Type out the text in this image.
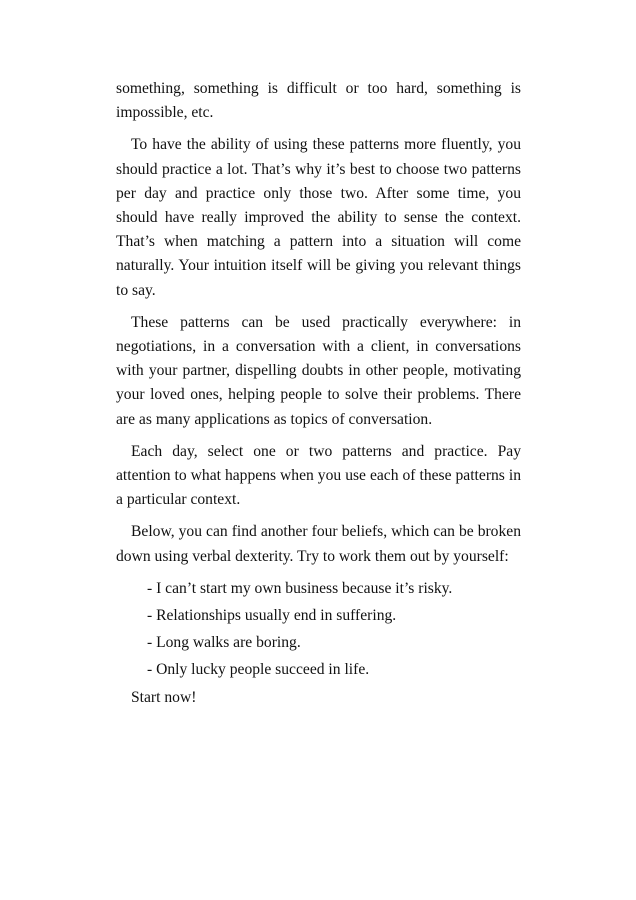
something, something is difficult or too hard, something is impossible, etc.

To have the ability of using these patterns more fluently, you should practice a lot. That’s why it’s best to choose two patterns per day and practice only those two. After some time, you should have really improved the ability to sense the context. That’s when matching a pattern into a situation will come naturally. Your intuition itself will be giving you relevant things to say.

These patterns can be used practically everywhere: in negotiations, in a conversation with a client, in conversations with your partner, dispelling doubts in other people, motivating your loved ones, helping people to solve their problems. There are as many applications as topics of conversation.

Each day, select one or two patterns and practice. Pay attention to what happens when you use each of these patterns in a particular context.

Below, you can find another four beliefs, which can be broken down using verbal dexterity. Try to work them out by yourself:

- I can’t start my own business because it’s risky.
- Relationships usually end in suffering.
- Long walks are boring.
- Only lucky people succeed in life.

Start now!
